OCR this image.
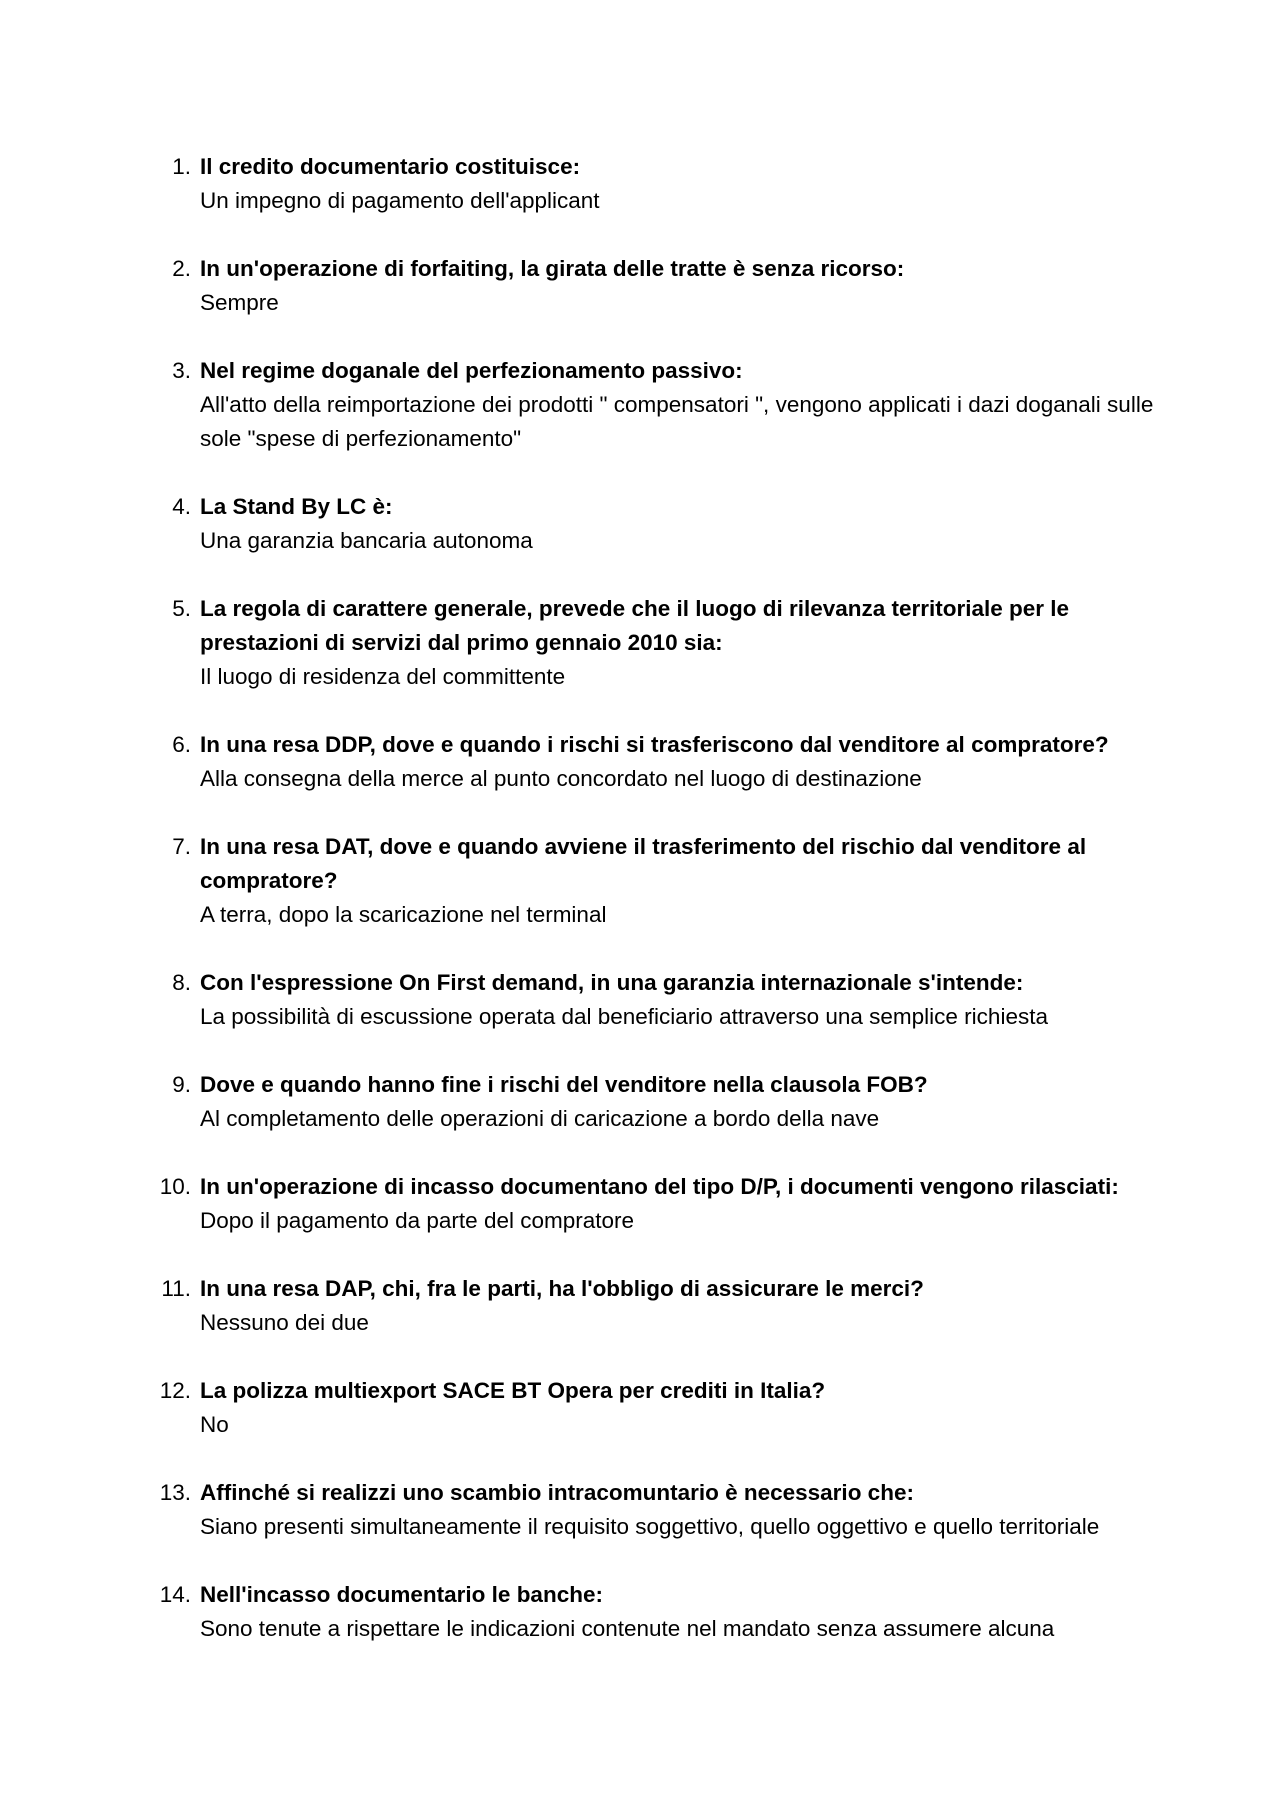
1. Il credito documentario costituisce:
Un impegno di pagamento dell'applicant
2. In un'operazione di forfaiting, la girata delle tratte è senza ricorso:
Sempre
3. Nel regime doganale del perfezionamento passivo:
All'atto della reimportazione dei prodotti " compensatori ", vengono applicati i dazi doganali sulle sole "spese di perfezionamento"
4. La Stand By LC è:
Una garanzia bancaria autonoma
5. La regola di carattere generale, prevede che il luogo di rilevanza territoriale per le prestazioni di servizi dal primo gennaio 2010 sia:
Il luogo di residenza del committente
6. In una resa DDP, dove e quando i rischi si trasferiscono dal venditore al compratore?
Alla consegna della merce al punto concordato nel luogo di destinazione
7. In una resa DAT, dove e quando avviene il trasferimento del rischio dal venditore al compratore?
A terra, dopo la scaricazione nel terminal
8. Con l'espressione On First demand, in una garanzia internazionale s'intende:
La possibilità di escussione operata dal beneficiario attraverso una semplice richiesta
9. Dove e quando hanno fine i rischi del venditore nella clausola FOB?
Al completamento delle operazioni di caricazione a bordo della nave
10. In un'operazione di incasso documentano del tipo D/P, i documenti vengono rilasciati:
Dopo il pagamento da parte del compratore
11. In una resa DAP, chi, fra le parti, ha l'obbligo di assicurare le merci?
Nessuno dei due
12. La polizza multiexport SACE BT Opera per crediti in Italia?
No
13. Affinché si realizzi uno scambio intracomuntario è necessario che:
Siano presenti simultaneamente il requisito soggettivo, quello oggettivo e quello territoriale
14. Nell'incasso documentario le banche:
Sono tenute a rispettare le indicazioni contenute nel mandato senza assumere alcuna
